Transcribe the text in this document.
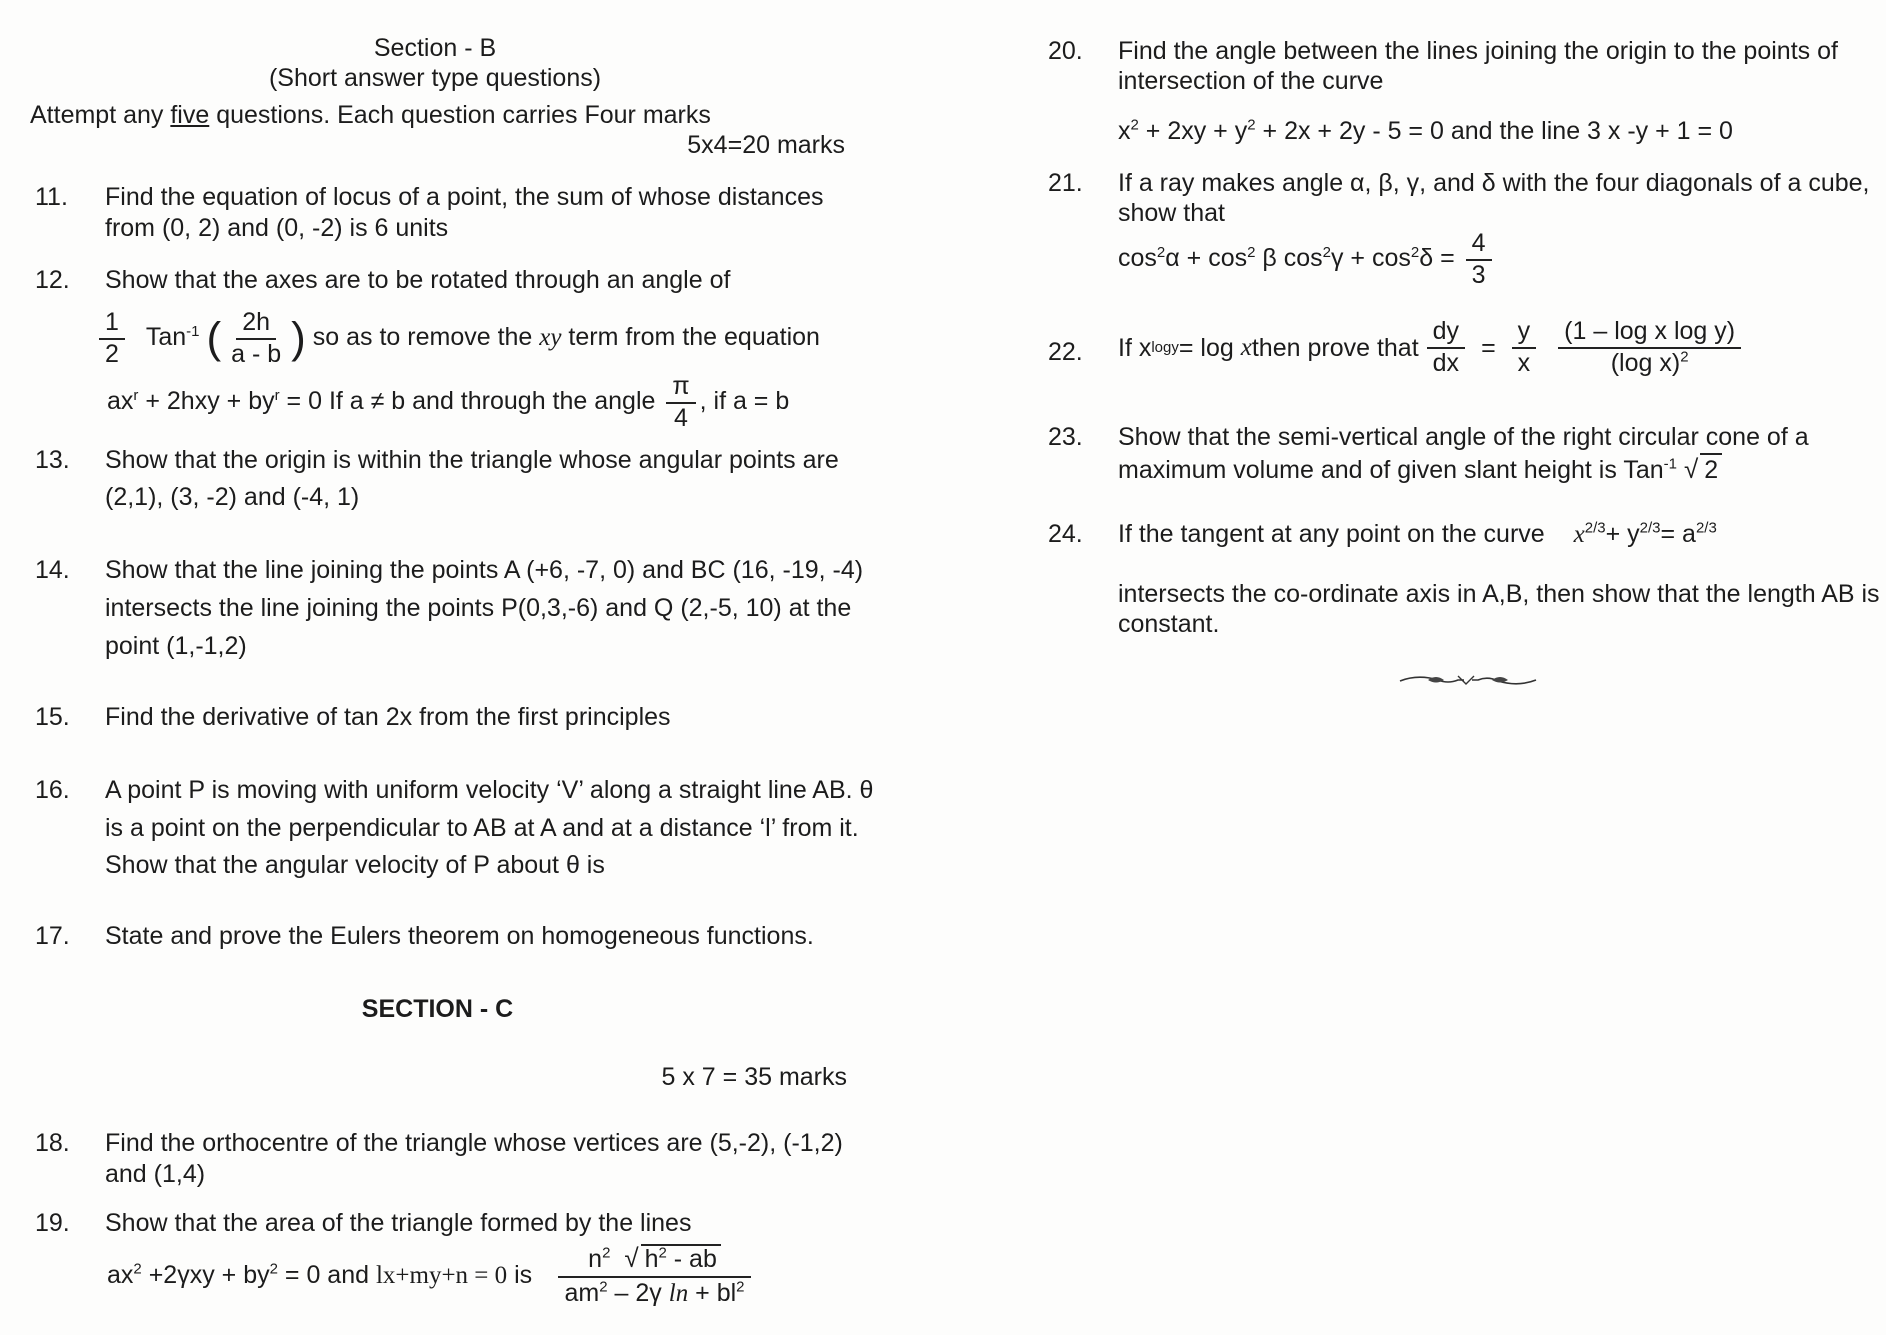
Section - B
(Short answer type questions)
Attempt any five questions. Each question carries Four marks
5x4=20 marks
11. Find the equation of locus of a point, the sum of whose distances
from (0, 2) and (0, -2) is 6 units
12. Show that the axes are to be rotated through an angle of
$\frac{1}{2} Tan^{-1}$ ( $\frac{2h}{a - b}$ ) so as to remove the xy term from the equation
$ax^r + 2hxy + by^r = 0$ If a ≠ b and through the angle $\frac{\pi}{4}$ , if a = b
13. Show that the origin is within the triangle whose angular points are
(2,1), (3, -2) and (-4, 1)
14. Show that the line joining the points A (+6, -7, 0) and BC (16, -19, -4)
intersects the line joining the points P(0,3,-6) and Q (2,-5, 10) at the
point (1,-1,2)
15. Find the derivative of tan 2x from the first principles
16. A point P is moving with uniform velocity ‘V’ along a straight line AB. θ
is a point on the perpendicular to AB at A and at a distance ‘l’ from it.
Show that the angular velocity of P about θ is
17. State and prove the Eulers theorem on homogeneous functions.
SECTION - C
5 x 7 = 35 marks
18. Find the orthocentre of the triangle whose vertices are (5,-2), (-1,2)
and (1,4)
19. Show that the area of the triangle formed by the lines
$ax^2 +2\gamma xy + by^2 = 0$ and lx+my+n = 0 is $\frac{n^2 √ h^2 - ab}{am^2 - 2\gamma \ln + bl^2}$
20. Find the angle between the lines joining the origin to the points of
intersection of the curve
$x^2 + 2xy + y^2 + 2x + 2y - 5 = 0$ and the line 3 x -y + 1 = 0
21. If a ray makes angle α, β, γ, and δ with the four diagonals of a cube,
show that
$\cos^2\alpha + \cos^2 \beta$ $\cos^2\gamma + \cos^2\delta = \frac{4}{3}$
22. If x logy = log
x then prove that $\frac{dy}{dx} = \frac{y}{x} \frac{\text{(1 – log x log y)}}{(\log x)^2}$
23. Show that the semi-vertical angle of the right circular cone of a
maximum volume and of given slant height is Tan$^{-1}$ √ 2
24. If the tangent at any point on the curve $x^{2/3}+ y^{2/3}= a^{2/3}$
intersects the co-ordinate axis in A,B, then show that the length AB is
constant.
